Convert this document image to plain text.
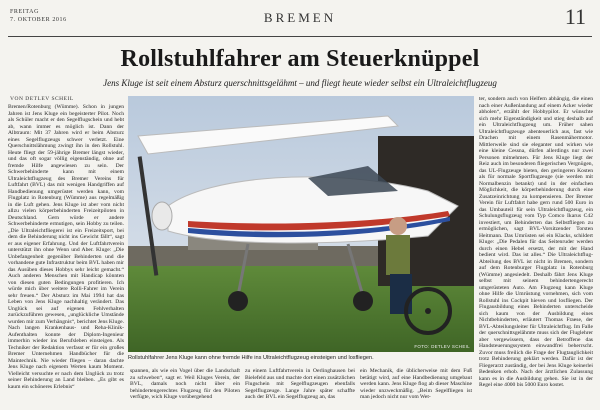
FREITAG
7. OKTOBER 2016	BREMEN	11
Rollstuhlfahrer am Steuerknüppel

Jens Kluge ist seit einem Absturz querschnittsgelähmt – und fliegt heute wieder selbst ein Ultraleichtflugzeug

VON DETLEV SCHEIL

Bremen/Rotenburg (Wümme). Schon in jungen Jahren ist Jens Kluge ein begeisterter Pilot. Noch als Schüler macht er den Segelflugschein und hebt ab, wann immer es möglich ist. Dann der Albtraum: Mit 37 Jahren wird er beim Absturz eines Segelflugzeugs schwer verletzt. Eine Querschnittslähmung zwingt ihn in den Rollstuhl. Heute fliegt der 59-jährige Bremer längst wieder, und das oft sogar völlig eigenständig, ohne auf fremde Hilfe angewiesen zu sein. Der Schwerbehinderte kann mit einem Ultraleichtflugzeug des Bremer Vereins für Luftfahrt (BVL) das mit wenigen Handgriffen auf Handbedienung umgerüstet werden kann, vom Flugplatz in Rotenburg (Wümme) aus regelmäßig in die Luft gehen. Jens Kluge ist aber vom nicht allzu vielen körperbehinderten Freizeitpiloten in Deutschland. Gern würde er andere Schwerbehinderte ermutigen, sein Hobby zu teilen. „Die Ultraleichtfliegerei ist ein Freizeitsport, bei dem die Behinderung nicht ins Gewicht fällt“, sagt er aus eigener Erfahrung. Und der Luftfahrtverein unterstützt ihn ohne Wenn und Aber. Kluge: „Die Unbefangenheit gegenüber Behinderten und die vorhandene gute Infrastruktur beim BVL haben mir das Ausüben dieses Hobbys sehr leicht gemacht.“ Auch anderen Menschen mit Handicap könnten von diesen guten Bedingungen profitieren. Ich würde mich über weitere Rolli-Fahrer im Verein sehr freuen.“ Der Absturz im Mai 1994 hat das Leben von Jens Kluge nachhaltig verändert. Das Unglück sei auf eigenen Fehlverhalten zurückzuführen gewesen, „unglückliche Umstände wurden mir zum Verhängnis“, berichtet Jens Kluge. Nach langen Krankenhaus- und Reha-Klinik-Aufenthalten konnte der Diplom-Ingenieur immerhin wieder ins Berufsleben einsteigen. Als Techniker der Redaktion verfasst er für ein großes Bremer Unternehmen Handbücher für die Maintechnik. Nie wieder fliegen – daran dachte Jens Kluge nach eigenem Werten kaum Moment. Vielleicht versuchte er nach dem Unglück zu trotz seiner Behinderung an Land bleiben. „Es gibt es kaum ein schöneres Erlebnis“

FOTO: DETLEV SCHEIL

Rollstuhlfahrer Jens Kluge kann ohne fremde Hilfe ins Ultraleichtflugzeug einsteigen und losfliegen.

spannen, als wie ein Vogel über die Landschaft zu schweben“, sagt er. Weil Kluges Verein, der BVL, damals noch nicht über ein behindertengerechtes Flugzeug für den Piloten verfügte, wich Kluge vorübergehend

zu einem Luftfahrtverein in Oerlinghausen bei Bielefeld aus und machte dort einen zusätzlichen Flugschein mit Segelflugzeugen ebenfalls Segelflugzeuge. Lange Jahre später schaffte auch der BVL ein Segelflugzeug an, das

ein Mechanik, die üblicherweise mit dem Fuß betätigt wird, auf eine Handbedienung umgebaut werden kann. Jens Kluge flog ab dieser Maschine wieder unzweckmäßig. „Beim Segelfliegen ist man jedoch nicht nur vom Wet-

ter, sondern auch von Helfern abhängig, die einen nach einer Außenlandung auf einem Acker wieder abholen“, erzählt der Hobbypilot. Er wünschte sich mehr Eigenständigkeit und stieg deshalb auf ein Ultraleichtflugzeug um. Früher sahen Ultraleichtflugzeuge abenteuerlich aus, fast wie Drachen mit einem Rasenmähermotor. Mittlerweile sind sie eleganter und wirken wie eine kleine Cessna, dürfen allerdings nur zwei Personen mitnehmen. Für Jens Kluge liegt der Reiz auch im besonderen fliegerischen Vergnügen, das UL-Flugzeuge bieten, den geringeren Kosten als für normale Sportflugzeuge (sie werden mit Normalbenzin betankt) und in der einfachen Möglichkeit, die körperbehinderung durch eine Zusatzeinrichtung zu kompensieren. Der Bremer Verein für Luftfahrt habe gern rund 500 Euro in das Umbauteil für sein Ultraleichtflugzeug, ein Schulungsflugzeug vom Typ Comco Ikarus C42 investiert, um Behinderten das Selbstfliegen zu ermöglichen, sagt BVL-Vorsitzender Torsten Heitmann. Das Umrüsten sei ein Klacks, schildert Kluge: „Die Pedalen für das Seitenruder werden durch einen Hebel ersetzt, der mit der Hand bedient wird. Das ist alles.“ Die Ultraleichtflug-Abteilung des BVL ist nicht in Bremen, sondern auf dem Rotenburger Flugplatz in Rotenburg (Wümme) angesiedelt. Deshalb fährt Jens Kluge selbst mit seinem behindertengerecht umgerüsteten Auto. Am Flugzeug kann Kluge ohne Hilfe die Umrüstung vornehmen, sich vom Rollstuhl ins Cockpit hieven und losfliegen. Der Flugausbildung eines Behinderten unterscheide sich kaum von der Ausbildung eines Nichtbehinderten, erläutert Thomas Fraese, der BVL-Abteilungsleiter für Ultraleichtflug. Im Falle der querschnittsgelähmte muss sich der Fluglehrer aber vergewissern, dass der Betroffene das Handsteuerungssystem einwandfrei beherrscht. Zuvor muss freilich die Frage der Flugtauglichkeit trotz Behinderung geklärt werden. Dafür ist der Fliegerarzt zuständig, der bei Jens Kluge keinerlei Bedenken erhob. Nach der ärztlichen Zulassung kann es in die Ausbildung gehen. Sie ist in der Regel eine 4000 bis 5000 Euro kostet.
